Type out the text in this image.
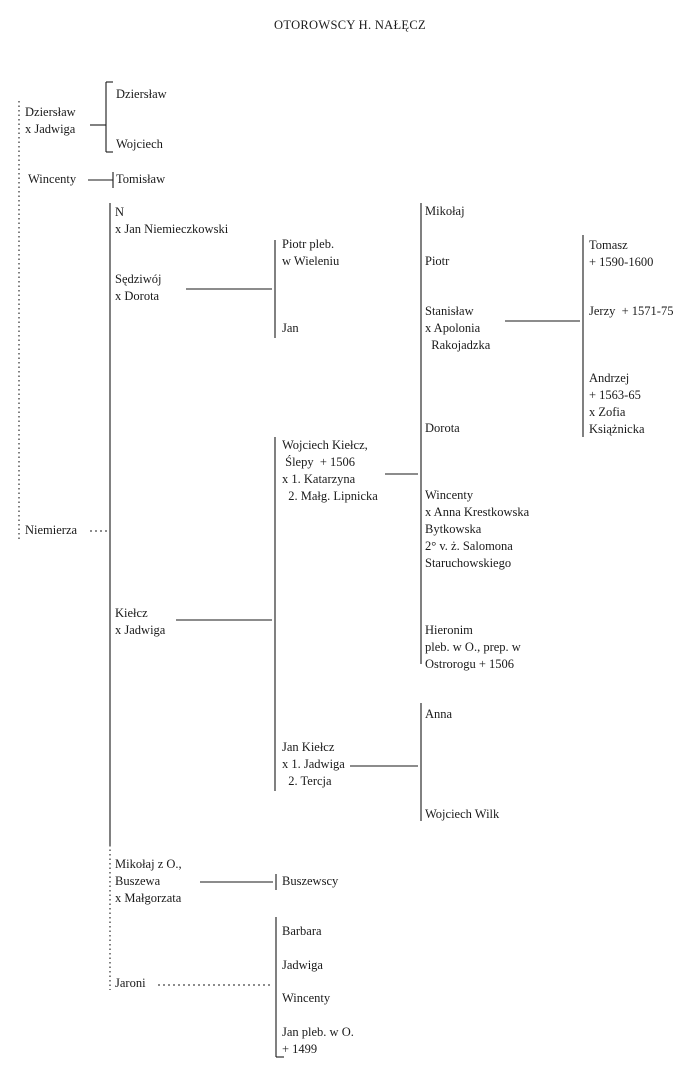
OTOROWSCY H. NAŁĘCZ
Dziersław
x Jadwiga
Wincenty
Niemierza
Dziersław
Wojciech
Tomisław
N
x Jan Niemieczkowski
Sędziwój
x Dorota
Kiełcz
x Jadwiga
Mikołaj z O.,
Buszewa
x Małgorzata
Jaroni
Piotr pleb.
w Wieleniu
Jan
Wojciech Kiełcz,
Ślepy  + 1506
x 1. Katarzyna
2. Małg. Lipnicka
Jan Kiełcz
x 1. Jadwiga
2. Tercja
Buszewscy
Barbara
Jadwiga
Wincenty
Jan pleb. w O.
+ 1499
Mikołaj
Piotr
Stanisław
x Apolonia
Rakojadzka
Dorota
Wincenty
x Anna Krestkowska
Bytkowska
2° v. ż. Salomona
Staruchowskiego
Hieronim
pleb. w O., prep. w
Ostrorogu + 1506
Anna
Wojciech Wilk
Tomasz
+ 1590-1600
Jerzy  + 1571-75
Andrzej
+ 1563-65
x Zofia
Książnicka
